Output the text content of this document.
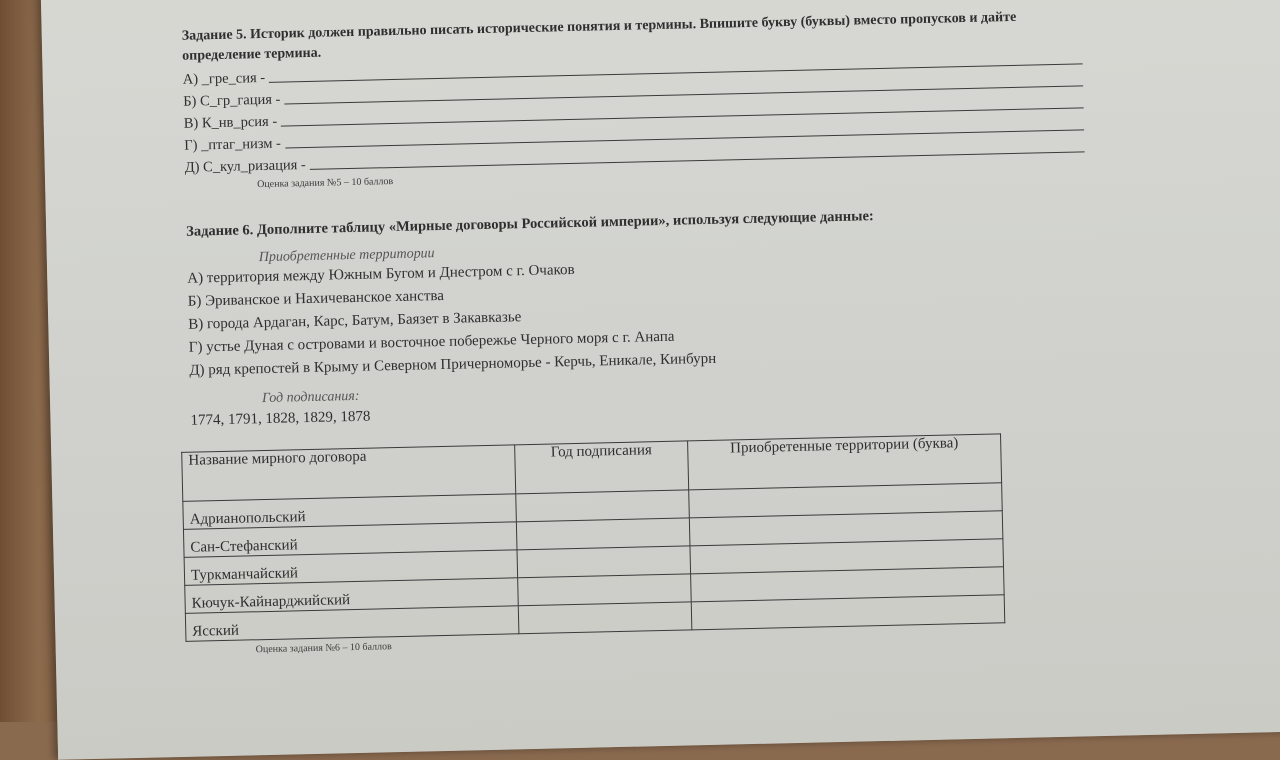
Задание 5. Историк должен правильно писать исторические понятия и термины. Впишите букву (буквы) вместо пропусков и дайте определение термина.
А) _гре_сия -
Б) С_гр_гация -
В) К_нв_рсия -
Г) _птаг_низм -
Д) С_кул_ризация -
Оценка задания №5 – 10 баллов
Задание 6. Дополните таблицу «Мирные договоры Российской империи», используя следующие данные:
Приобретенные территории
А) территория между Южным Бугом и Днестром с г. Очаков
Б) Эриванское и Нахичеванское ханства
В) города Ардаган, Карс, Батум, Баязет в Закавказье
Г) устье Дуная с островами и восточное побережье Черного моря с г. Анапа
Д) ряд крепостей в Крыму и Северном Причерноморье - Керчь, Еникале, Кинбурн
Год подписания:
1774, 1791, 1828, 1829, 1878
Название мирного договора	Год подписания	Приобретенные территории (буква)
Адрианопольский		
Сан-Стефанский		
Туркманчайский		
Кючук-Кайнарджийский		
Ясский		
Оценка задания №6 – 10 баллов
